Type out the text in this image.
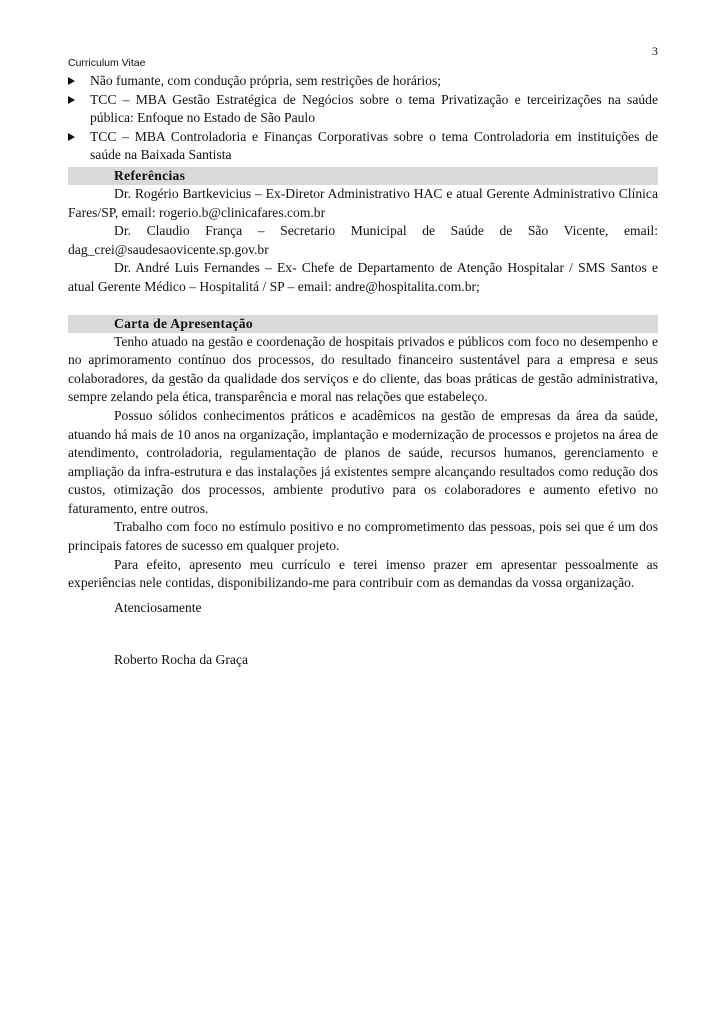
3
Curriculum Vitae
Não fumante, com condução própria, sem restrições de horários;
TCC – MBA Gestão Estratégica de Negócios sobre o tema Privatização e terceirizações na saúde pública: Enfoque no Estado de São Paulo
TCC – MBA Controladoria e Finanças Corporativas sobre o tema Controladoria em instituições de saúde na Baixada Santista
Referências

Dr. Rogério Bartkevicius – Ex-Diretor Administrativo HAC e atual Gerente Administrativo Clínica Fares/SP, email: rogerio.b@clinicafares.com.br

Dr. Claudio França – Secretario Municipal de Saúde de São Vicente, email: dag_crei@saudesaovicente.sp.gov.br

Dr. André Luis Fernandes – Ex- Chefe de Departamento de Atenção Hospitalar / SMS Santos e atual Gerente Médico – Hospitalitá / SP – email: andre@hospitalita.com.br;

Carta de Apresentação

Tenho atuado na gestão e coordenação de hospitais privados e públicos com foco no desempenho e no aprimoramento contínuo dos processos, do resultado financeiro sustentável para a empresa e seus colaboradores, da gestão da qualidade dos serviços e do cliente, das boas práticas de gestão administrativa, sempre zelando pela ética, transparência e moral nas relações que estabeleço.

Possuo sólidos conhecimentos práticos e acadêmicos na gestão de empresas da área da saúde, atuando há mais de 10 anos na organização, implantação e modernização de processos e projetos na área de atendimento, controladoria, regulamentação de planos de saúde, recursos humanos, gerenciamento e ampliação da infra-estrutura e das instalações já existentes sempre alcançando resultados como redução dos custos, otimização dos processos, ambiente produtivo para os colaboradores e aumento efetivo no faturamento, entre outros.

Trabalho com foco no estímulo positivo e no comprometimento das pessoas, pois sei que é um dos principais fatores de sucesso em qualquer projeto.

Para efeito, apresento meu currículo e terei imenso prazer em apresentar pessoalmente as experiências nele contidas, disponibilizando-me para contribuir com as demandas da vossa organização.

Atenciosamente

Roberto Rocha da Graça
